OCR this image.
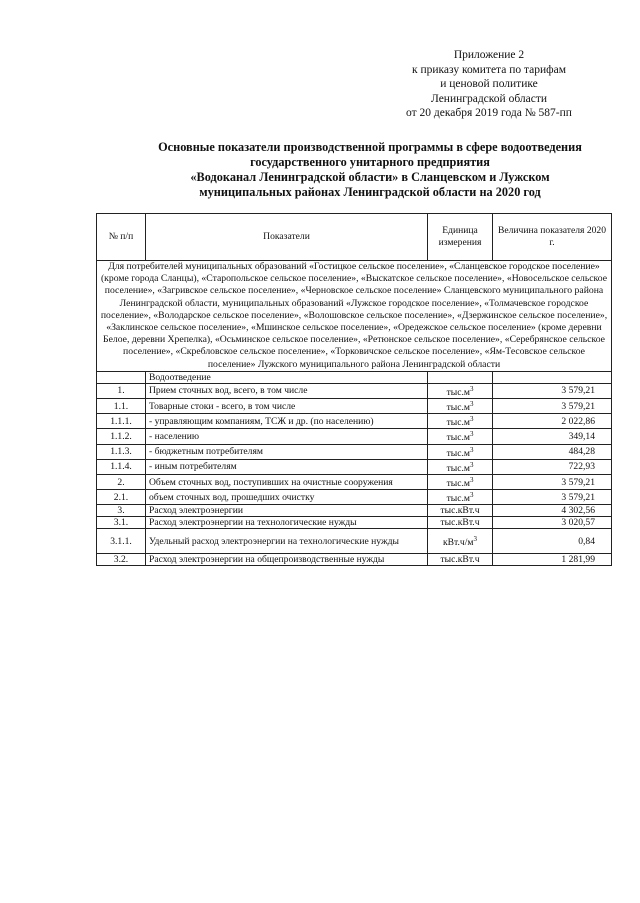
Приложение 2
к приказу комитета по тарифам
и ценовой политике
Ленинградской области
от 20 декабря 2019 года № 587-пп
Основные показатели производственной программы в сфере водоотведения
государственного унитарного предприятия
«Водоканал Ленинградской области» в Сланцевском и Лужском
муниципальных районах Ленинградской области на 2020 год
№ п/п	Показатели	Единица измерения	Величина показателя 2020 г.
Для потребителей муниципальных образований «Гостицкое сельское поселение», «Сланцевское городское поселение» (кроме города Сланцы), «Старопольское сельское поселение», «Выскатское сельское поселение», «Новосельское сельское поселение», «Загривское сельское поселение», «Черновское сельское поселение» Сланцевского муниципального района Ленинградской области, муниципальных образований «Лужское городское поселение», «Толмачевское городское поселение», «Володарское сельское поселение», «Волошовское сельское поселение», «Дзержинское сельское поселение», «Заклинское сельское поселение», «Мшинское сельское поселение», «Оредежское сельское поселение» (кроме деревни Белое, деревни Хрепелка), «Осьминское сельское поселение», «Ретюнское сельское поселение», «Серебрянское сельское поселение», «Скребловское сельское поселение», «Торковичское сельское поселение», «Ям-Тесовское сельское поселение» Лужского муниципального района Ленинградской области			
	Водоотведение		
1.	Прием сточных вод, всего, в том числе	$тыс.м^3$	3 579,21
1.1.	Товарные стоки - всего, в том числе	$тыс.м^3$	3 579,21
1.1.1.	- управляющим компаниям, ТСЖ и др. (по населению)	$тыс.м^3$	2 022,86
1.1.2.	- населению	$тыс.м^3$	349,14
1.1.3.	- бюджетным потребителям	$тыс.м^3$	484,28
1.1.4.	- иным потребителям	$тыс.м^3$	722,93
2.	Объем сточных вод, поступивших на очистные сооружения	$тыс.м^3$	3 579,21
2.1.	объем сточных вод, прошедших очистку	$тыс.м^3$	3 579,21
3.	Расход электроэнергии	тыс.кВт.ч	4 302,56
3.1.	Расход электроэнергии на технологические нужды	тыс.кВт.ч	3 020,57
3.1.1.	Удельный расход электроэнергии на технологические нужды	$кВт.ч/м^3$	0,84
3.2.	Расход электроэнергии на общепроизводственные нужды	тыс.кВт.ч	1 281,99
